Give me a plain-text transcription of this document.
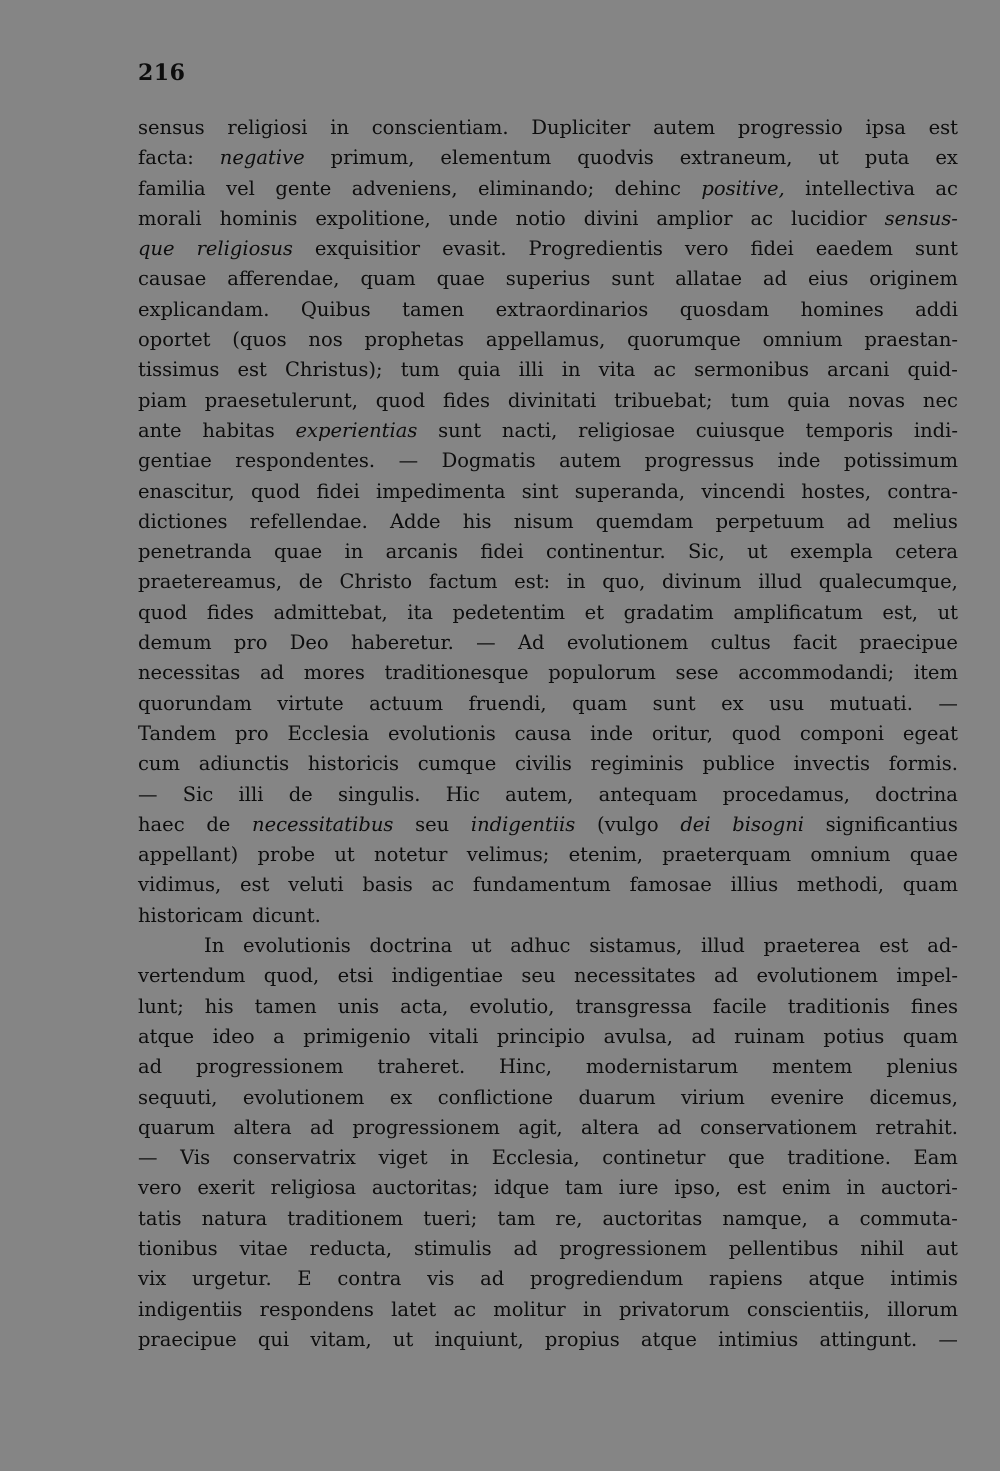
216
sensus religiosi in conscientiam. Dupliciter autem progressio ipsa est
facta: negative primum, elementum quodvis extraneum, ut puta ex
familia vel gente adveniens, eliminando; dehinc positive, intellectiva ac
morali hominis expolitione, unde notio divini amplior ac lucidior sensus-
que religiosus exquisitior evasit. Progredientis vero fidei eaedem sunt
causae afferendae, quam quae superius sunt allatae ad eius originem
explicandam. Quibus tamen extraordinarios quosdam homines addi
oportet (quos nos prophetas appellamus, quorumque omnium praestan-
tissimus est Christus); tum quia illi in vita ac sermonibus arcani quid-
piam praesetulerunt, quod fides divinitati tribuebat; tum quia novas nec
ante habitas experientias sunt nacti, religiosae cuiusque temporis indi-
gentiae respondentes. — Dogmatis autem progressus inde potissimum
enascitur, quod fidei impedimenta sint superanda, vincendi hostes, contra-
dictiones refellendae. Adde his nisum quemdam perpetuum ad melius
penetranda quae in arcanis fidei continentur. Sic, ut exempla cetera
praetereamus, de Christo factum est: in quo, divinum illud qualecumque,
quod fides admittebat, ita pedetentim et gradatim amplificatum est, ut
demum pro Deo haberetur. — Ad evolutionem cultus facit praecipue
necessitas ad mores traditionesque populorum sese accommodandi; item
quorundam virtute actuum fruendi, quam sunt ex usu mutuati. —
Tandem pro Ecclesia evolutionis causa inde oritur, quod componi egeat
cum adiunctis historicis cumque civilis regiminis publice invectis formis.
— Sic illi de singulis. Hic autem, antequam procedamus, doctrina
haec de necessitatibus seu indigentiis (vulgo dei bisogni significantius
appellant) probe ut notetur velimus; etenim, praeterquam omnium quae
vidimus, est veluti basis ac fundamentum famosae illius methodi, quam
historicam dicunt.
In evolutionis doctrina ut adhuc sistamus, illud praeterea est ad-
vertendum quod, etsi indigentiae seu necessitates ad evolutionem impel-
lunt; his tamen unis acta, evolutio, transgressa facile traditionis fines
atque ideo a primigenio vitali principio avulsa, ad ruinam potius quam
ad progressionem traheret. Hinc, modernistarum mentem plenius
sequuti, evolutionem ex conflictione duarum virium evenire dicemus,
quarum altera ad progressionem agit, altera ad conservationem retrahit.
— Vis conservatrix viget in Ecclesia, continetur que traditione. Eam
vero exerit religiosa auctoritas; idque tam iure ipso, est enim in auctori-
tatis natura traditionem tueri; tam re, auctoritas namque, a commuta-
tionibus vitae reducta, stimulis ad progressionem pellentibus nihil aut
vix urgetur. E contra vis ad progrediendum rapiens atque intimis
indigentiis respondens latet ac molitur in privatorum conscientiis, illorum
praecipue qui vitam, ut inquiunt, propius atque intimius attingunt. —
